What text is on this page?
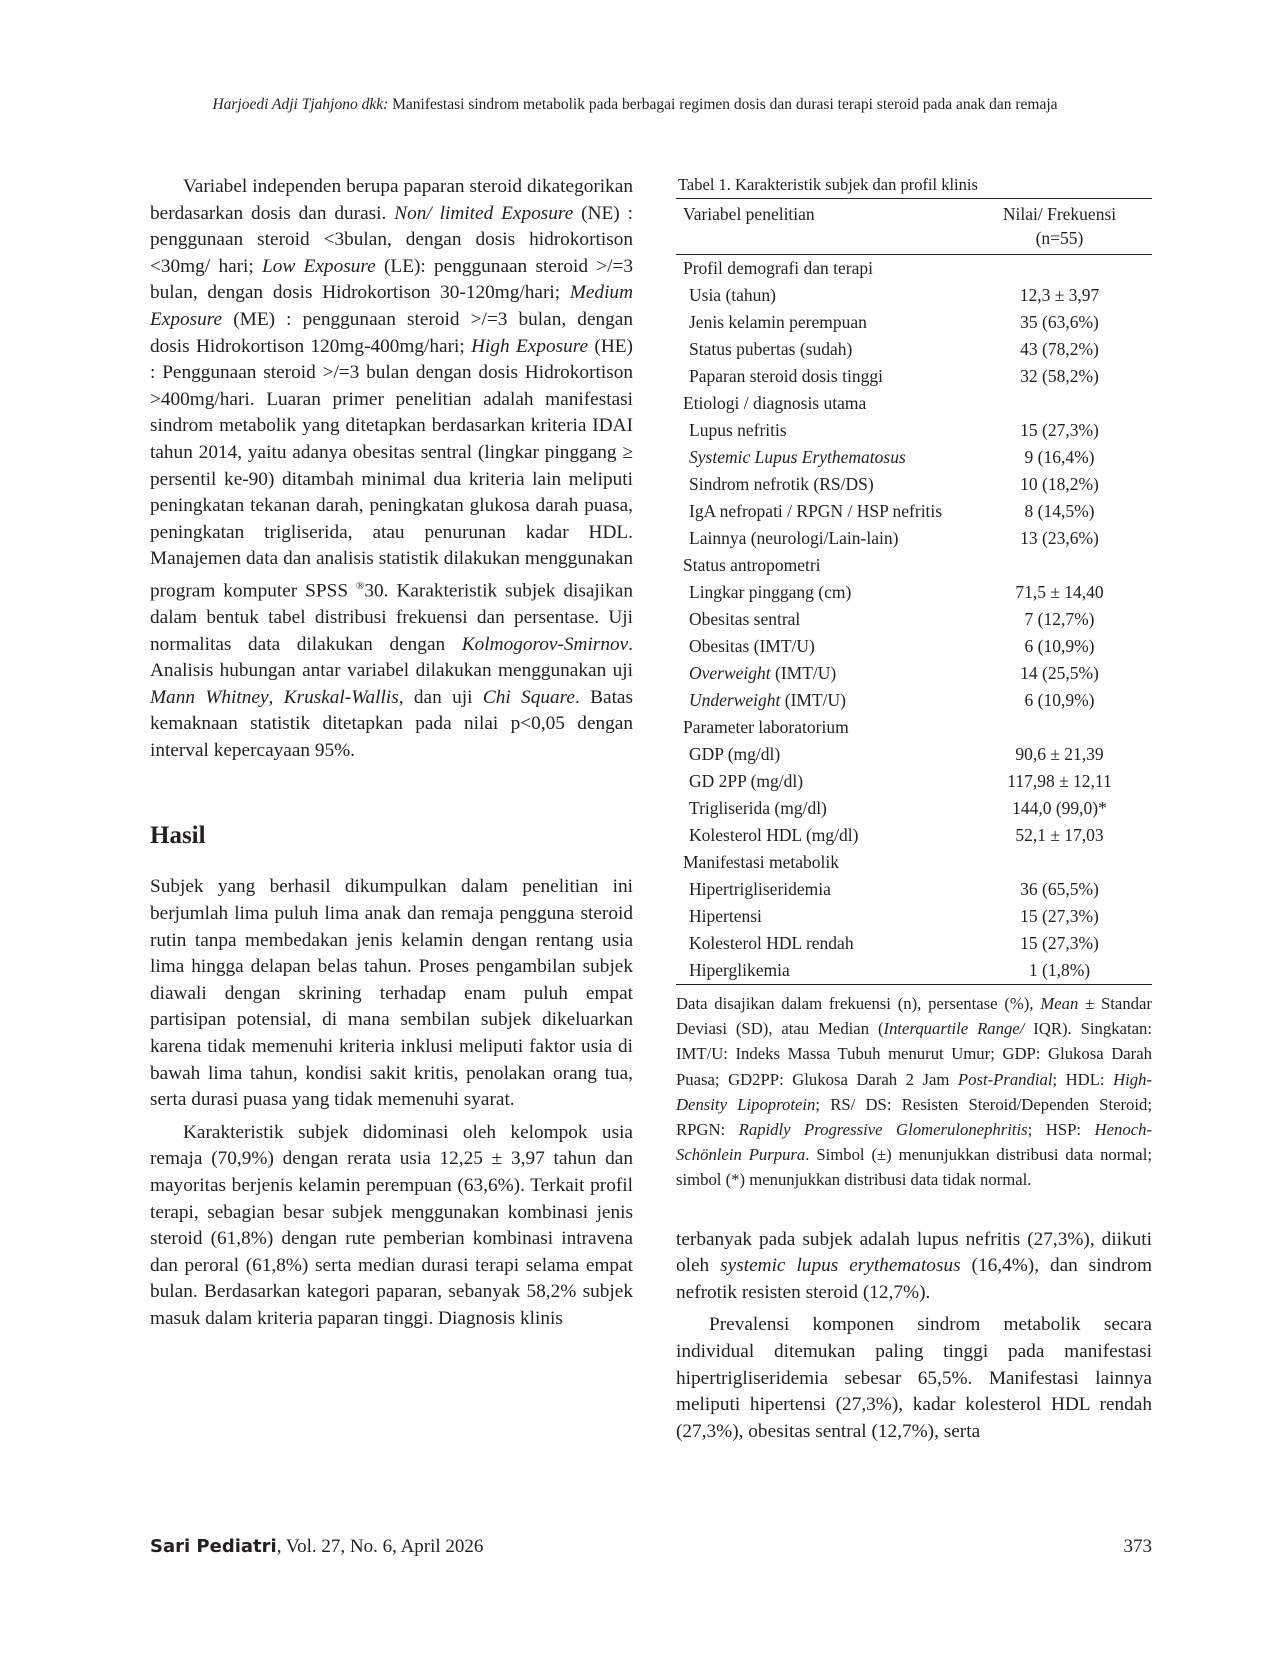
Harjoedi Adji Tjahjono dkk: Manifestasi sindrom metabolik pada berbagai regimen dosis dan durasi terapi steroid pada anak dan remaja

Variabel independen berupa paparan steroid dikategorikan berdasarkan dosis dan durasi. Non/ limited Exposure (NE) : penggunaan steroid <3bulan, dengan dosis hidrokortison <30mg/ hari; Low Exposure (LE): penggunaan steroid >/=3 bulan, dengan dosis Hidrokortison 30-120mg/hari; Medium Exposure (ME) : penggunaan steroid >/=3 bulan, dengan dosis Hidrokortison 120mg-400mg/hari; High Exposure (HE) : Penggunaan steroid >/=3 bulan dengan dosis Hidrokortison >400mg/hari. Luaran primer penelitian adalah manifestasi sindrom metabolik yang ditetapkan berdasarkan kriteria IDAI tahun 2014, yaitu adanya obesitas sentral (lingkar pinggang ≥ persentil ke-90) ditambah minimal dua kriteria lain meliputi peningkatan tekanan darah, peningkatan glukosa darah puasa, peningkatan trigliserida, atau penurunan kadar HDL. Manajemen data dan analisis statistik dilakukan menggunakan program komputer SPSS ®30. Karakteristik subjek disajikan dalam bentuk tabel distribusi frekuensi dan persentase. Uji normalitas data dilakukan dengan Kolmogorov-Smirnov. Analisis hubungan antar variabel dilakukan menggunakan uji Mann Whitney, Kruskal-Wallis, dan uji Chi Square. Batas kemaknaan statistik ditetapkan pada nilai p<0,05 dengan interval kepercayaan 95%.

Hasil

Subjek yang berhasil dikumpulkan dalam penelitian ini berjumlah lima puluh lima anak dan remaja pengguna steroid rutin tanpa membedakan jenis kelamin dengan rentang usia lima hingga delapan belas tahun. Proses pengambilan subjek diawali dengan skrining terhadap enam puluh empat partisipan potensial, di mana sembilan subjek dikeluarkan karena tidak memenuhi kriteria inklusi meliputi faktor usia di bawah lima tahun, kondisi sakit kritis, penolakan orang tua, serta durasi puasa yang tidak memenuhi syarat.

Karakteristik subjek didominasi oleh kelompok usia remaja (70,9%) dengan rerata usia 12,25 ± 3,97 tahun dan mayoritas berjenis kelamin perempuan (63,6%). Terkait profil terapi, sebagian besar subjek menggunakan kombinasi jenis steroid (61,8%) dengan rute pemberian kombinasi intravena dan peroral (61,8%) serta median durasi terapi selama empat bulan. Berdasarkan kategori paparan, sebanyak 58,2% subjek masuk dalam kriteria paparan tinggi. Diagnosis klinis

Tabel 1. Karakteristik subjek dan profil klinis

Variabel penelitian	Nilai/ Frekuensi
(n=55)
Profil demografi dan terapi	
Usia (tahun)	12,3 ± 3,97
Jenis kelamin perempuan	35 (63,6%)
Status pubertas (sudah)	43 (78,2%)
Paparan steroid dosis tinggi	32 (58,2%)
Etiologi / diagnosis utama	
Lupus nefritis	15 (27,3%)
Systemic Lupus Erythematosus	9 (16,4%)
Sindrom nefrotik (RS/DS)	10 (18,2%)
IgA nefropati / RPGN / HSP nefritis	8 (14,5%)
Lainnya (neurologi/Lain-lain)	13 (23,6%)
Status antropometri	
Lingkar pinggang (cm)	71,5 ± 14,40
Obesitas sentral	7 (12,7%)
Obesitas (IMT/U)	6 (10,9%)
Overweight (IMT/U)	14 (25,5%)
Underweight (IMT/U)	6 (10,9%)
Parameter laboratorium	
GDP (mg/dl)	90,6 ± 21,39
GD 2PP (mg/dl)	117,98 ± 12,11
Trigliserida (mg/dl)	144,0 (99,0)*
Kolesterol HDL (mg/dl)	52,1 ± 17,03
Manifestasi metabolik	
Hipertrigliseridemia	36 (65,5%)
Hipertensi	15 (27,3%)
Kolesterol HDL rendah	15 (27,3%)
Hiperglikemia	1 (1,8%)

Data disajikan dalam frekuensi (n), persentase (%), Mean ± Standar Deviasi (SD), atau Median (Interquartile Range/ IQR). Singkatan: IMT/U: Indeks Massa Tubuh menurut Umur; GDP: Glukosa Darah Puasa; GD2PP: Glukosa Darah 2 Jam Post-Prandial; HDL: High-Density Lipoprotein; RS/ DS: Resisten Steroid/Dependen Steroid; RPGN: Rapidly Progressive Glomerulonephritis; HSP: Henoch-Schönlein Purpura. Simbol (±) menunjukkan distribusi data normal; simbol (*) menunjukkan distribusi data tidak normal.

terbanyak pada subjek adalah lupus nefritis (27,3%), diikuti oleh systemic lupus erythematosus (16,4%), dan sindrom nefrotik resisten steroid (12,7%).

Prevalensi komponen sindrom metabolik secara individual ditemukan paling tinggi pada manifestasi hipertrigliseridemia sebesar 65,5%. Manifestasi lainnya meliputi hipertensi (27,3%), kadar kolesterol HDL rendah (27,3%), obesitas sentral (12,7%), serta

Sari Pediatri, Vol. 27, No. 6, April 2026	373
